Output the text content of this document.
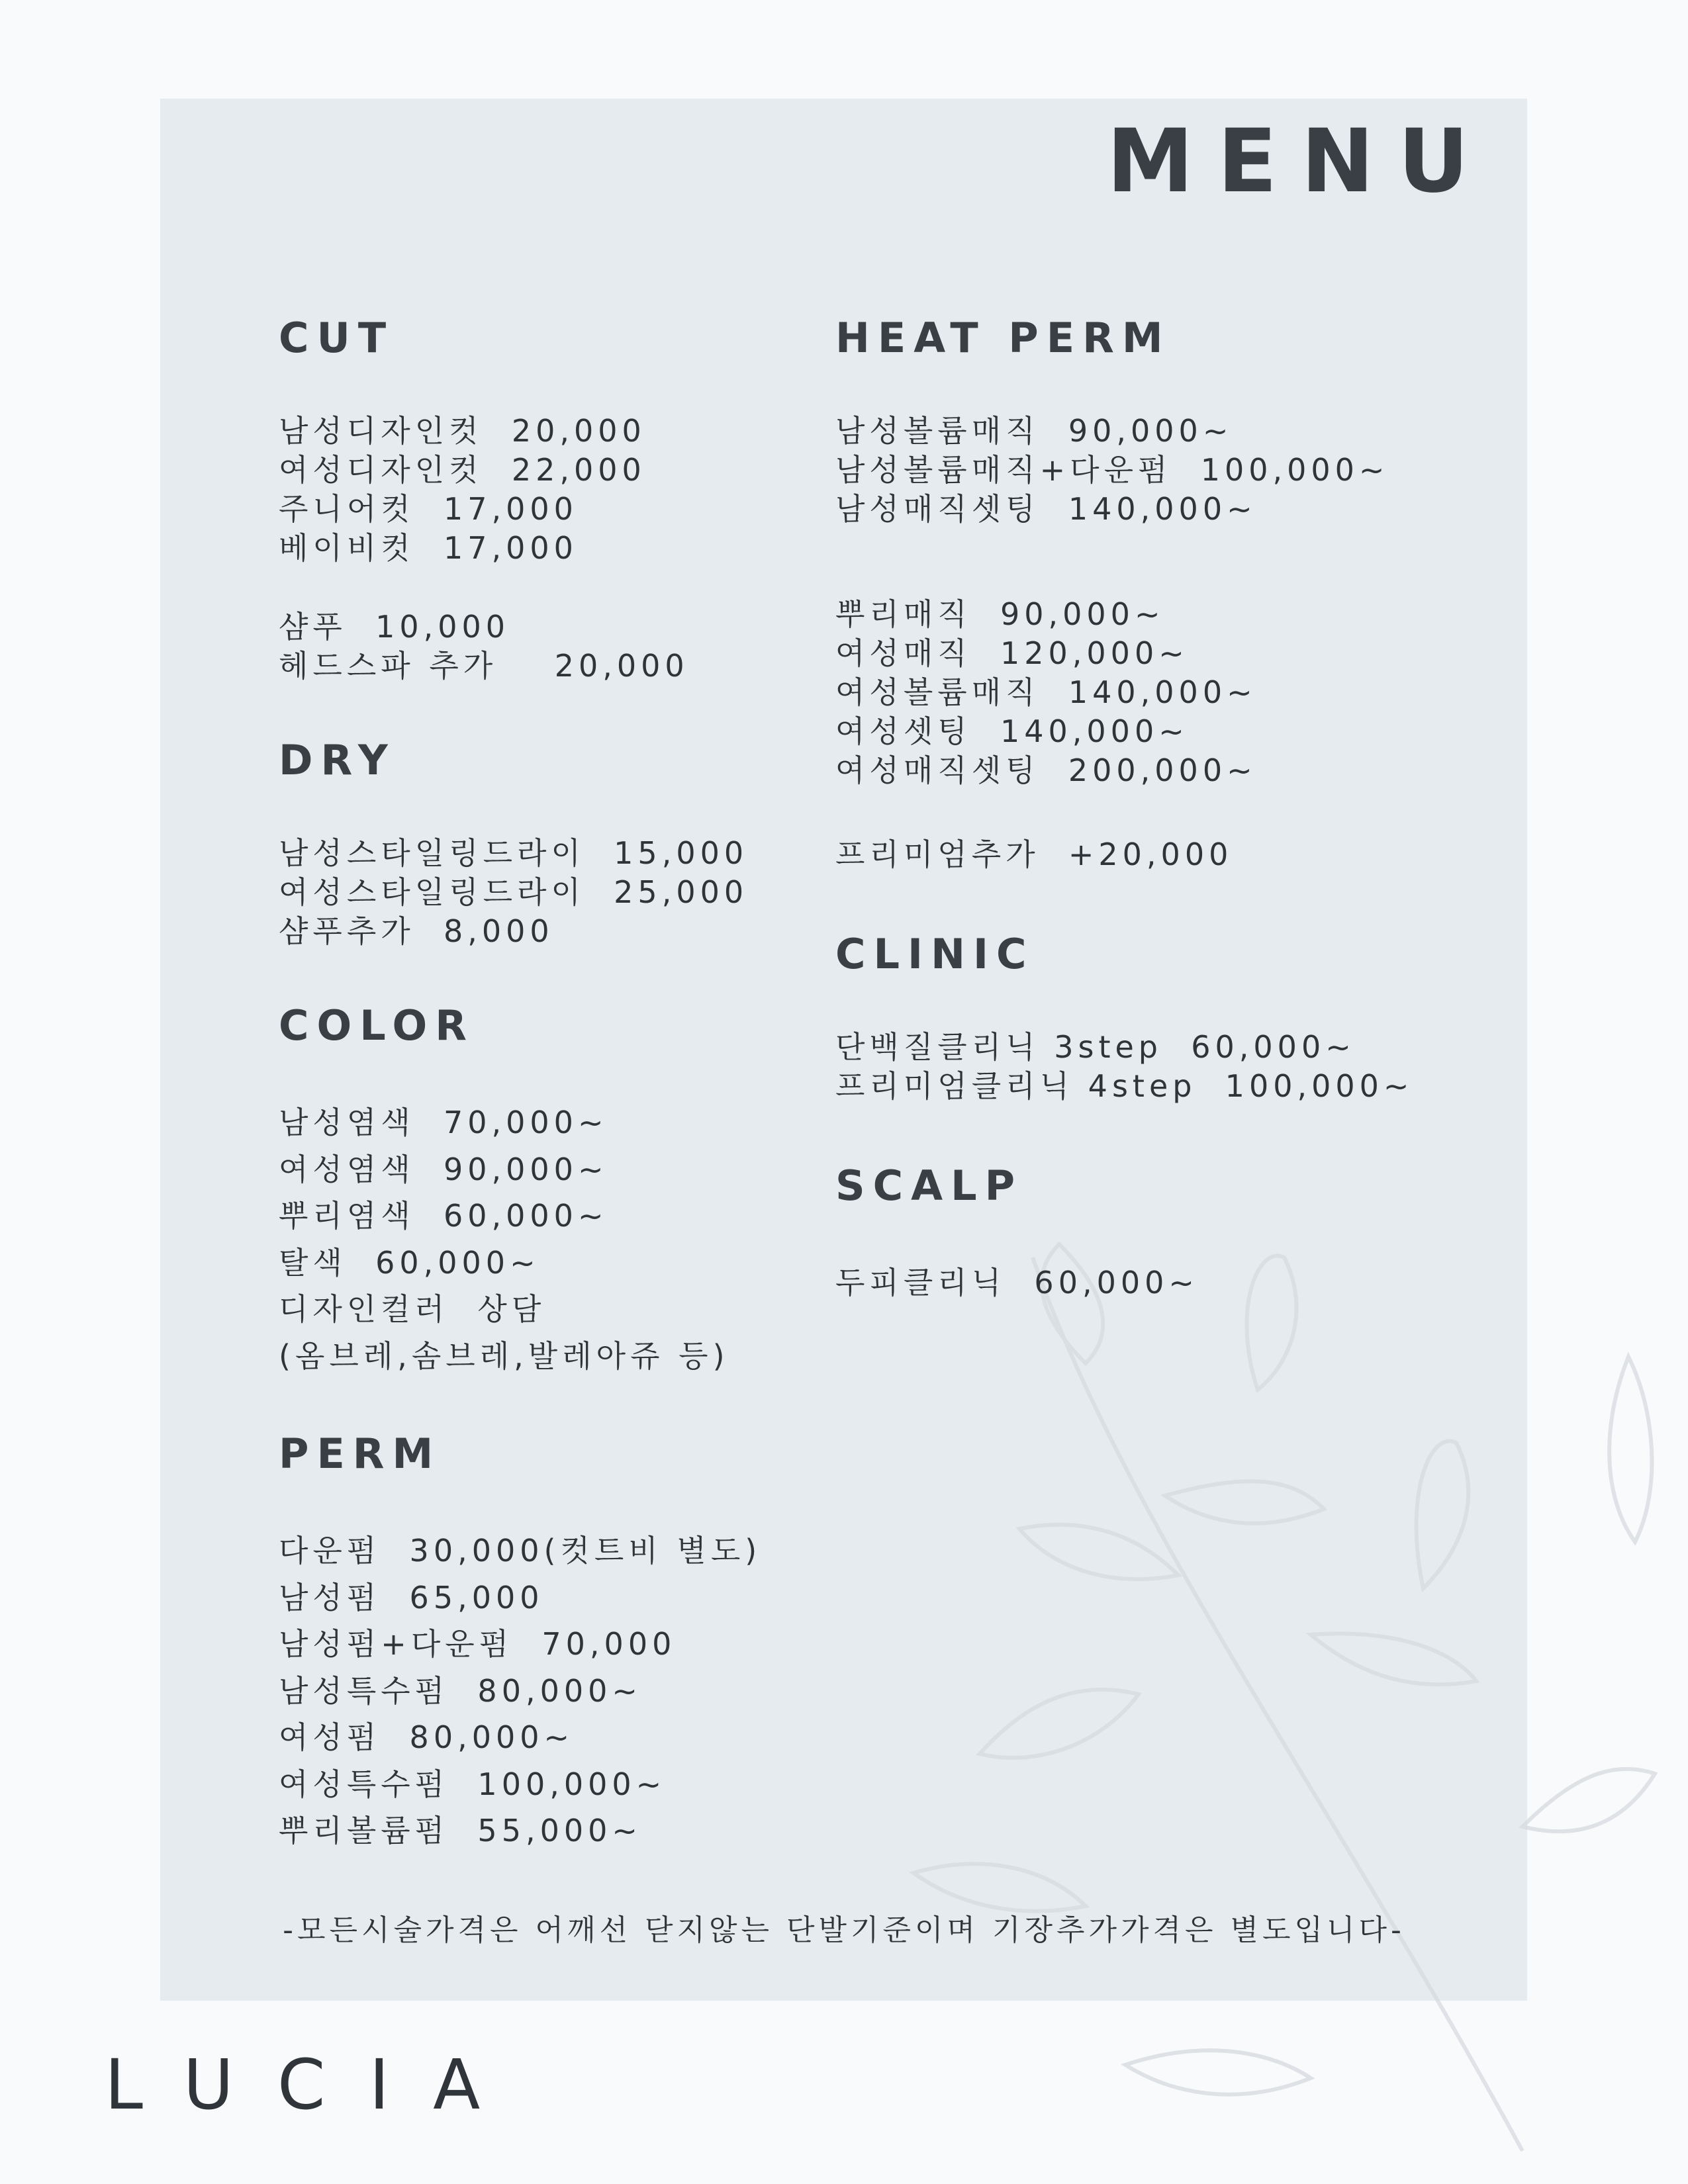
MENU
CUT
남성디자인컷  20,000
여성디자인컷  22,000
주니어컷  17,000
베이비컷  17,000
샴푸  10,000
헤드스파 추가    20,000
DRY
남성스타일링드라이  15,000
여성스타일링드라이  25,000
샴푸추가  8,000
COLOR
남성염색  70,000~
여성염색  90,000~
뿌리염색  60,000~
탈색  60,000~
디자인컬러  상담
(옴브레,솜브레,발레아쥬 등)
PERM
다운펌  30,000(컷트비 별도)
남성펌  65,000
남성펌+다운펌  70,000
남성특수펌  80,000~
여성펌  80,000~
여성특수펌  100,000~
뿌리볼륨펌  55,000~
HEAT PERM
남성볼륨매직  90,000~
남성볼륨매직+다운펌  100,000~
남성매직셋팅  140,000~
뿌리매직  90,000~
여성매직  120,000~
여성볼륨매직  140,000~
여성셋팅  140,000~
여성매직셋팅  200,000~
프리미엄추가  +20,000
CLINIC
단백질클리닉 3step  60,000~
프리미엄클리닉 4step  100,000~
SCALP
두피클리닉  60,000~
-모든시술가격은 어깨선 닫지않는 단발기준이며 기장추가가격은 별도입니다-
LUCIA
